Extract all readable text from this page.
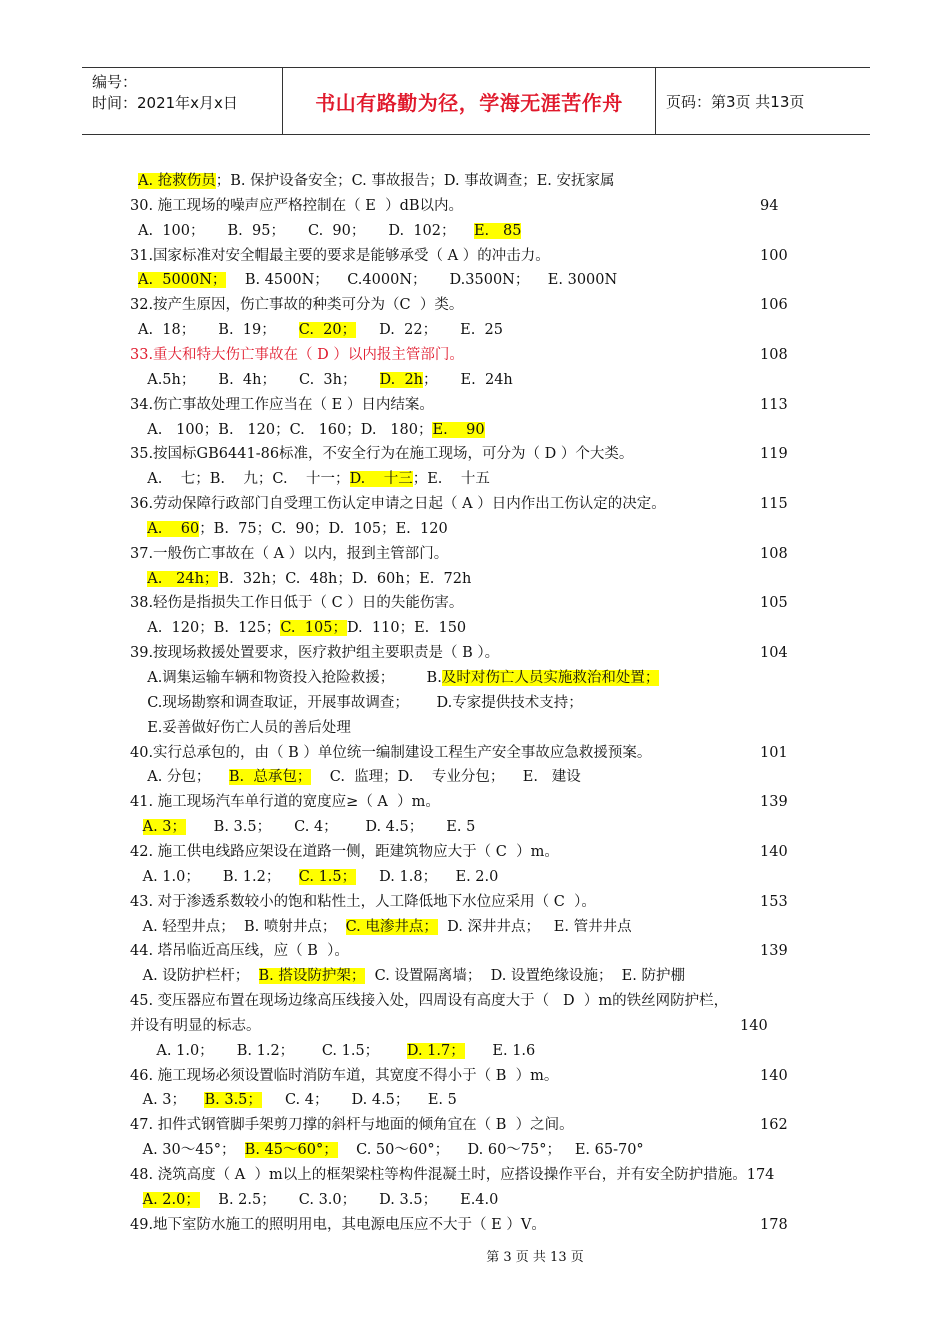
编号：
时间：2021年x月x日	书山有路勤为径，学海无涯苦作舟	页码：第3页 共13页
A. 抢救伤员；B. 保护设备安全；C. 事故报告；D. 事故调查；E. 安抚家属
30. 施工现场的噪声应严格控制在（ E  ）dB以内。	94
A.  100；     B.  95；     C.  90；     D.  102；    E.   85
31.国家标准对安全帽最主要的要求是能够承受（ A ）的冲击力。	100
A.  5000N；    B. 4500N；    C.4000N；     D.3500N；    E. 3000N
32.按产生原因，伤亡事故的种类可分为（C  ）类。	106
A.  18；     B.  19；     C.  20；     D.  22；     E.  25
33.重大和特大伤亡事故在（ D ）以内报主管部门。	108
A.5h；     B.  4h；     C.  3h；     D.  2h；     E.  24h
34.伤亡事故处理工作应当在（ E ）日内结案。	113
A.   100；B.   120；C.   160；D.   180；E.    90
35.按国标GB6441-86标准，不安全行为在施工现场，可分为（ D ）个大类。	119
A.    七；B.    九；C.    十一；D.    十三；E.    十五
36.劳动保障行政部门自受理工伤认定申请之日起（ A ）日内作出工伤认定的决定。	115
A.    60；B.  75；C.  90；D.  105；E.  120
37.一般伤亡事故在（ A ）以内，报到主管部门。	108
A.   24h；B.  32h；C.  48h；D.  60h；E.  72h
38.轻伤是指损失工作日低于（ C ）日的失能伤害。	105
A.  120；B.  125；C.  105；D.  110；E.  150
39.按现场救援处置要求，医疗救护组主要职责是（ B ）。	104
A.调集运输车辆和物资投入抢险救援；       B.及时对伤亡人员实施救治和处置；
C.现场勘察和调查取证，开展事故调查；      D.专家提供技术支持；
E.妥善做好伤亡人员的善后处理
40.实行总承包的，由（ B ）单位统一编制建设工程生产安全事故应急救援预案。	101
A. 分包；    B.  总承包；    C.  监理；D.    专业分包；    E.   建设
41. 施工现场汽车单行道的宽度应≥（ A  ）m。	139
A. 3；      B. 3.5；     C. 4；      D. 4.5；     E. 5
42. 施工供电线路应架设在道路一侧，距建筑物应大于（ C  ）m。	140
A. 1.0；     B. 1.2；    C. 1.5；     D. 1.8；    E. 2.0
43. 对于渗透系数较小的饱和粘性土，人工降低地下水位应采用（ C  ）。	153
A. 轻型井点；  B. 喷射井点；  C. 电渗井点；  D. 深井井点；   E. 管井井点
44. 塔吊临近高压线，应（ B  ）。	139
A. 设防护栏杆；  B. 搭设防护架；  C. 设置隔离墙；  D. 设置绝缘设施；  E. 防护棚
45. 变压器应布置在现场边缘高压线接入处，四周设有高度大于（   D  ）m的铁丝网防护栏，
并设有明显的标志。	140
A. 1.0；     B. 1.2；      C. 1.5；      D. 1.7；      E. 1.6
46. 施工现场必须设置临时消防车道，其宽度不得小于（ B  ）m。	140
A. 3；    B. 3.5；     C. 4；     D. 4.5；    E. 5
47. 扣件式钢管脚手架剪刀撑的斜杆与地面的倾角宜在（ B  ）之间。	162
A. 30～45°；  B. 45～60°；    C. 50～60°；    D. 60～75°；   E. 65-70°
48. 浇筑高度（ A  ）m以上的框架梁柱等构件混凝土时，应搭设操作平台，并有安全防护措施。174
A. 2.0；    B. 2.5；     C. 3.0；     D. 3.5；     E.4.0
49.地下室防水施工的照明用电，其电源电压应不大于（ E ）V。	178
第 3 页 共 13 页
